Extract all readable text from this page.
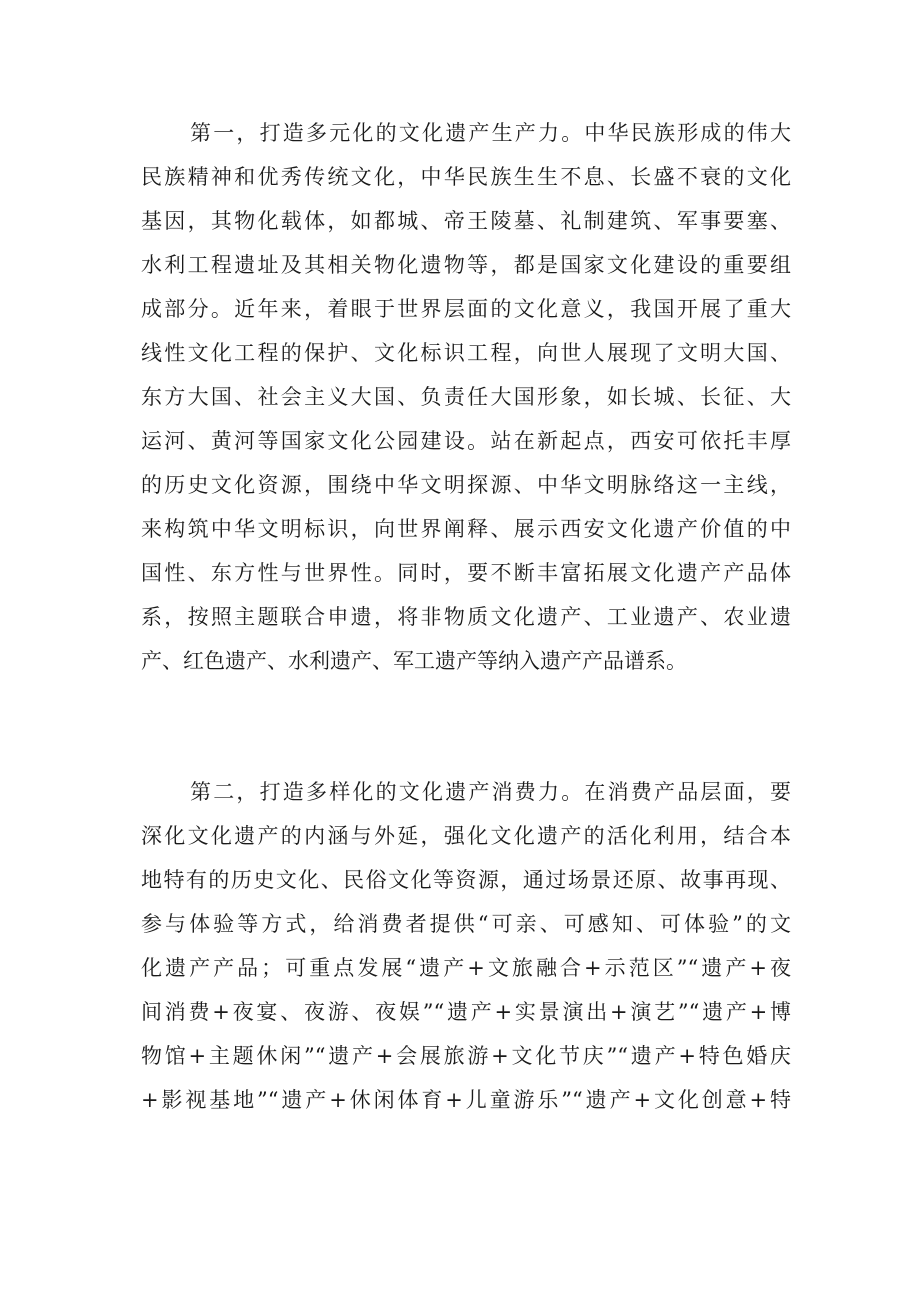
第一，打造多元化的文化遗产生产力。中华民族形成的伟大
民族精神和优秀传统文化，中华民族生生不息、长盛不衰的文化
基因，其物化载体，如都城、帝王陵墓、礼制建筑、军事要塞、
水利工程遗址及其相关物化遗物等，都是国家文化建设的重要组
成部分。近年来，着眼于世界层面的文化意义，我国开展了重大
线性文化工程的保护、文化标识工程，向世人展现了文明大国、
东方大国、社会主义大国、负责任大国形象，如长城、长征、大
运河、黄河等国家文化公园建设。站在新起点，西安可依托丰厚
的历史文化资源，围绕中华文明探源、中华文明脉络这一主线，
来构筑中华文明标识，向世界阐释、展示西安文化遗产价值的中
国性、东方性与世界性。同时，要不断丰富拓展文化遗产产品体
系，按照主题联合申遗，将非物质文化遗产、工业遗产、农业遗
产、红色遗产、水利遗产、军工遗产等纳入遗产产品谱系。
第二，打造多样化的文化遗产消费力。在消费产品层面，要
深化文化遗产的内涵与外延，强化文化遗产的活化利用，结合本
地特有的历史文化、民俗文化等资源，通过场景还原、故事再现、
参与体验等方式，给消费者提供“可亲、可感知、可体验”的文
化遗产产品；可重点发展“遗产+文旅融合+示范区”“遗产+夜
间消费+夜宴、夜游、夜娱”“遗产+实景演出+演艺”“遗产+博
物馆+主题休闲”“遗产+会展旅游+文化节庆”“遗产+特色婚庆
+影视基地”“遗产+休闲体育+儿童游乐”“遗产+文化创意+特
